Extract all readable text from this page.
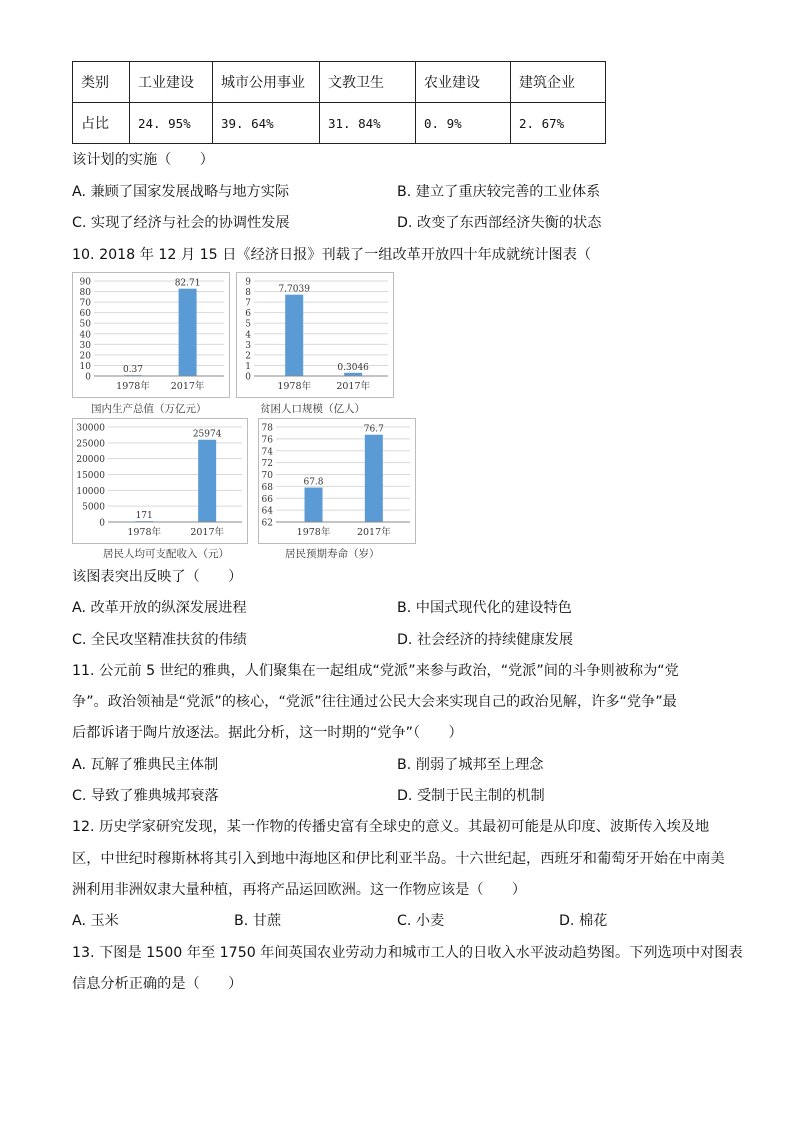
类别	工业建设	城市公用事业	文教卫生	农业建设	建筑企业
占比	24. 95%	39. 64%	31. 84%	0. 9%	2. 67%
该计划的实施（　　）
A. 兼顾了国家发展战略与地方实际	B. 建立了重庆较完善的工业体系
C. 实现了经济与社会的协调性发展	D. 改变了东西部经济失衡的状态
10. 2018 年 12 月 15 日《经济日报》刊载了一组改革开放四十年成就统计图表（
0
10
20
30
40
50
60
70
80
90
0.37
1978年
82.71
2017年
国内生产总值（万亿元）
0
1
2
3
4
5
6
7
8
9
7.7039
1978年
0.3046
2017年
贫困人口规模（亿人）
0
5000
10000
15000
20000
25000
30000
171
1978年
25974
2017年
居民人均可支配收入（元）
62
64
66
68
70
72
74
76
78
67.8
1978年
76.7
2017年
居民预期寿命（岁）
该图表突出反映了（　　）
A. 改革开放的纵深发展进程	B. 中国式现代化的建设特色
C. 全民攻坚精准扶贫的伟绩	D. 社会经济的持续健康发展
11. 公元前 5 世纪的雅典，人们聚集在一起组成“党派”来参与政治，“党派”间的斗争则被称为“党
争”。政治领袖是“党派”的核心，“党派”往往通过公民大会来实现自己的政治见解，许多“党争”最
后都诉诸于陶片放逐法。据此分析，这一时期的“党争”（　　）
A. 瓦解了雅典民主体制	B. 削弱了城邦至上理念
C. 导致了雅典城邦衰落	D. 受制于民主制的机制
12. 历史学家研究发现，某一作物的传播史富有全球史的意义。其最初可能是从印度、波斯传入埃及地
区，中世纪时穆斯林将其引入到地中海地区和伊比利亚半岛。十六世纪起，西班牙和葡萄牙开始在中南美
洲利用非洲奴隶大量种植，再将产品运回欧洲。这一作物应该是（　　）
A. 玉米	B. 甘蔗	C. 小麦	D. 棉花
13. 下图是 1500 年至 1750 年间英国农业劳动力和城市工人的日收入水平波动趋势图。下列选项中对图表
信息分析正确的是（　　）
